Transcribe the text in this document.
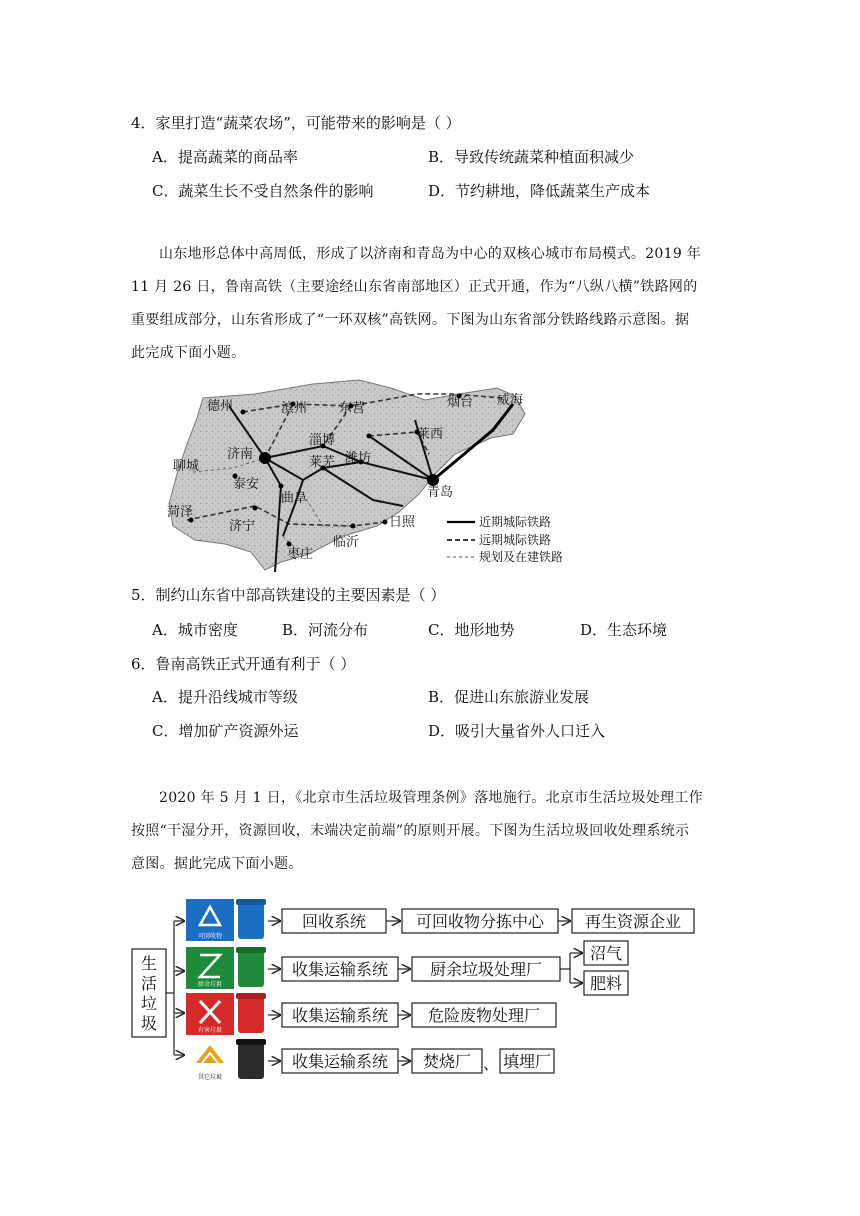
4．家里打造“蔬菜农场”，可能带来的影响是（ ）
A．提高蔬菜的商品率	B．导致传统蔬菜种植面积减少
C．蔬菜生长不受自然条件的影响	D．节约耕地，降低蔬菜生产成本

山东地形总体中高周低，形成了以济南和青岛为中心的双核心城市布局模式。2019 年

11 月 26 日，鲁南高铁（主要途经山东省南部地区）正式开通，作为“八纵八横”铁路网的

重要组成部分，山东省形成了“一环双核”高铁网。下图为山东省部分铁路线路示意图。据

此完成下面小题。

德州	滨州 东营	烟台 威海
济南
淄博	莱西
聊城	莱芜 潍坊
泰安
曲阜	青岛
菏泽
济宁	日照
枣庄
临沂
近期城际铁路
远期城际铁路
规划及在建铁路
5．制约山东省中部高铁建设的主要因素是（ ）
A．城市密度	B．河流分布	C．地形地势	D．生态环境
6．鲁南高铁正式开通有利于（ ）
A．提升沿线城市等级	B．促进山东旅游业发展
C．增加矿产资源外运	D．吸引大量省外人口迁入

2020 年 5 月 1 日，《北京市生活垃圾管理条例》落地施行。北京市生活垃圾处理工作

按照“干湿分开，资源回收，末端决定前端”的原则开展。下图为生活垃圾回收处理系统示

意图。据此完成下面小题。

生
活
垃
圾
可回收物
厨余垃圾
有害垃圾
其它垃圾
回收系统	可回收物分拣中心	再生资源企业
收集运输系统	厨余垃圾处理厂
沼气
肥料
收集运输系统 危险废物处理厂
收集运输系统 焚烧厂 、 填埋厂
